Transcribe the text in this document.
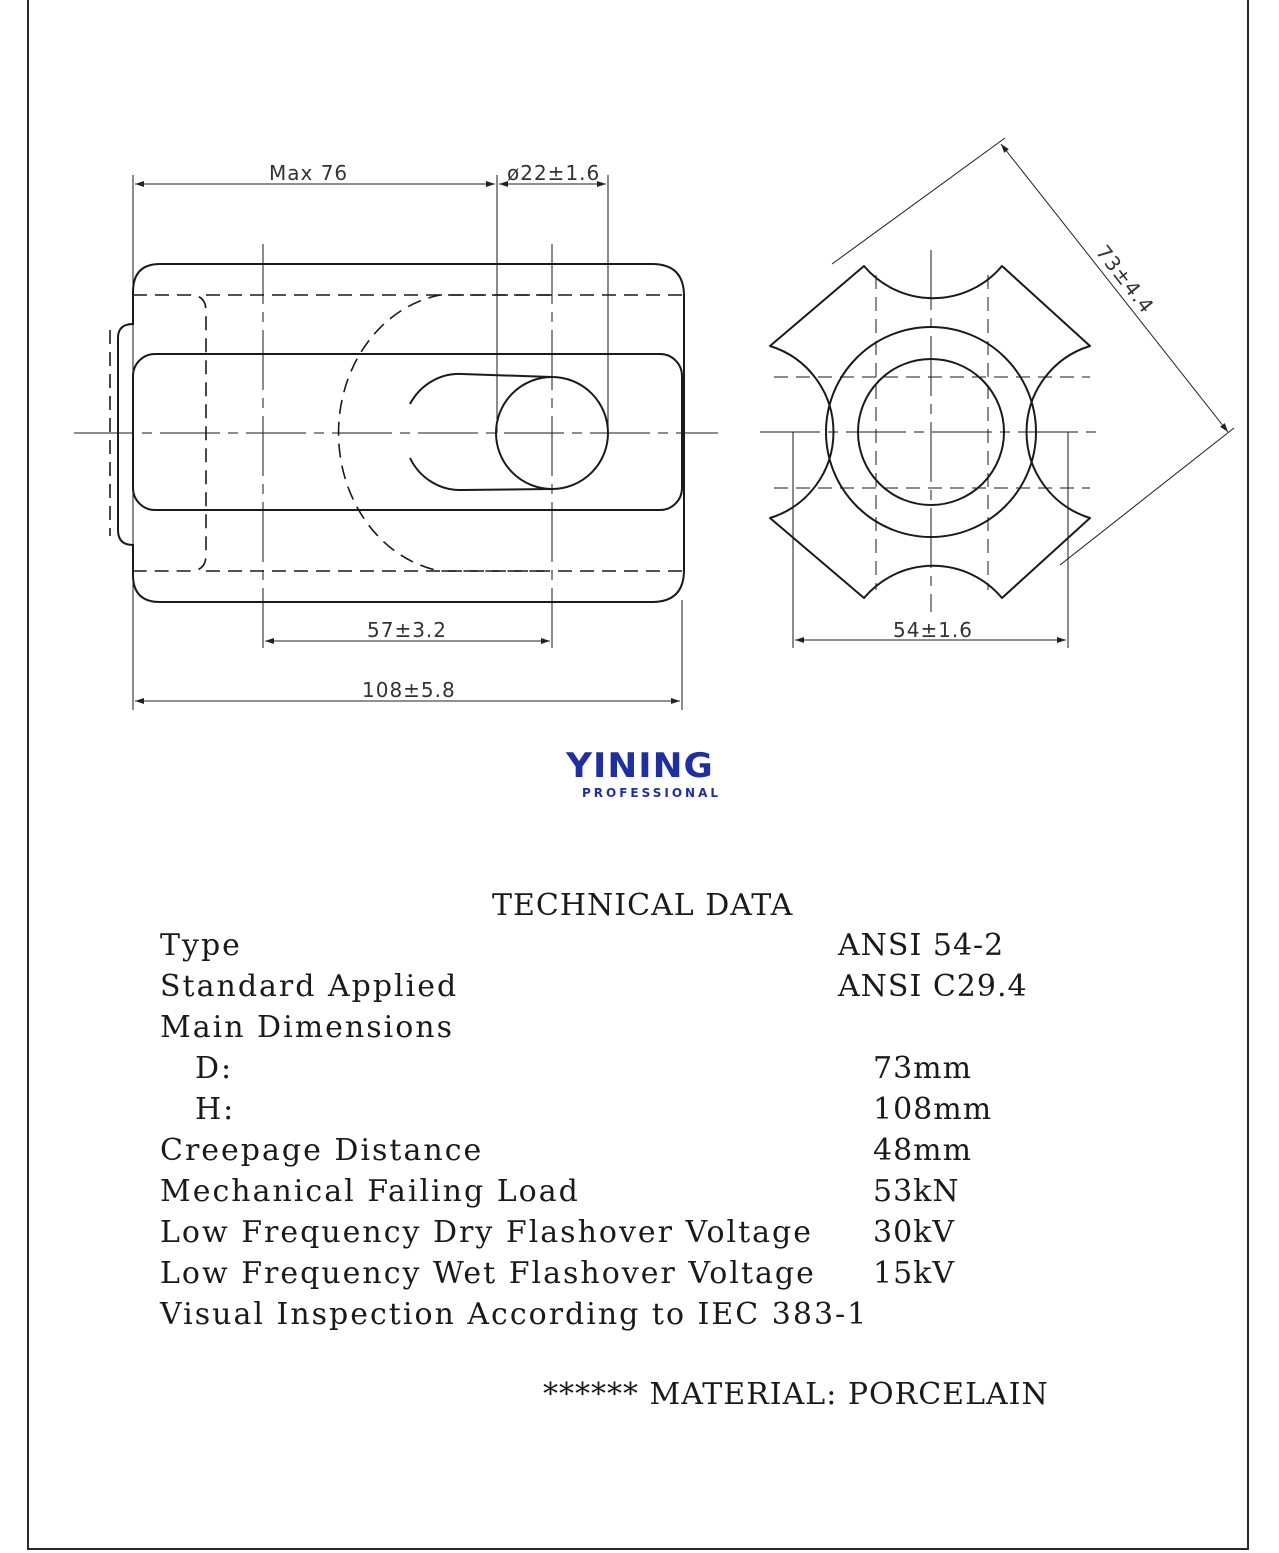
Max 76	ø22±1.6
57±3.2
108±5.8
54±1.6
73±4.4
YINING
PROFESSIONAL
TECHNICAL DATA
Type	ANSI 54-2
Standard Applied	ANSI C29.4
Main Dimensions
D:	73mm
H:	108mm
Creepage Distance	48mm
Mechanical Failing Load	53kN
Low Frequency Dry Flashover Voltage 30kV
Low Frequency Wet Flashover Voltage 15kV
Visual Inspection According to IEC 383-1
****** MATERIAL: PORCELAIN
